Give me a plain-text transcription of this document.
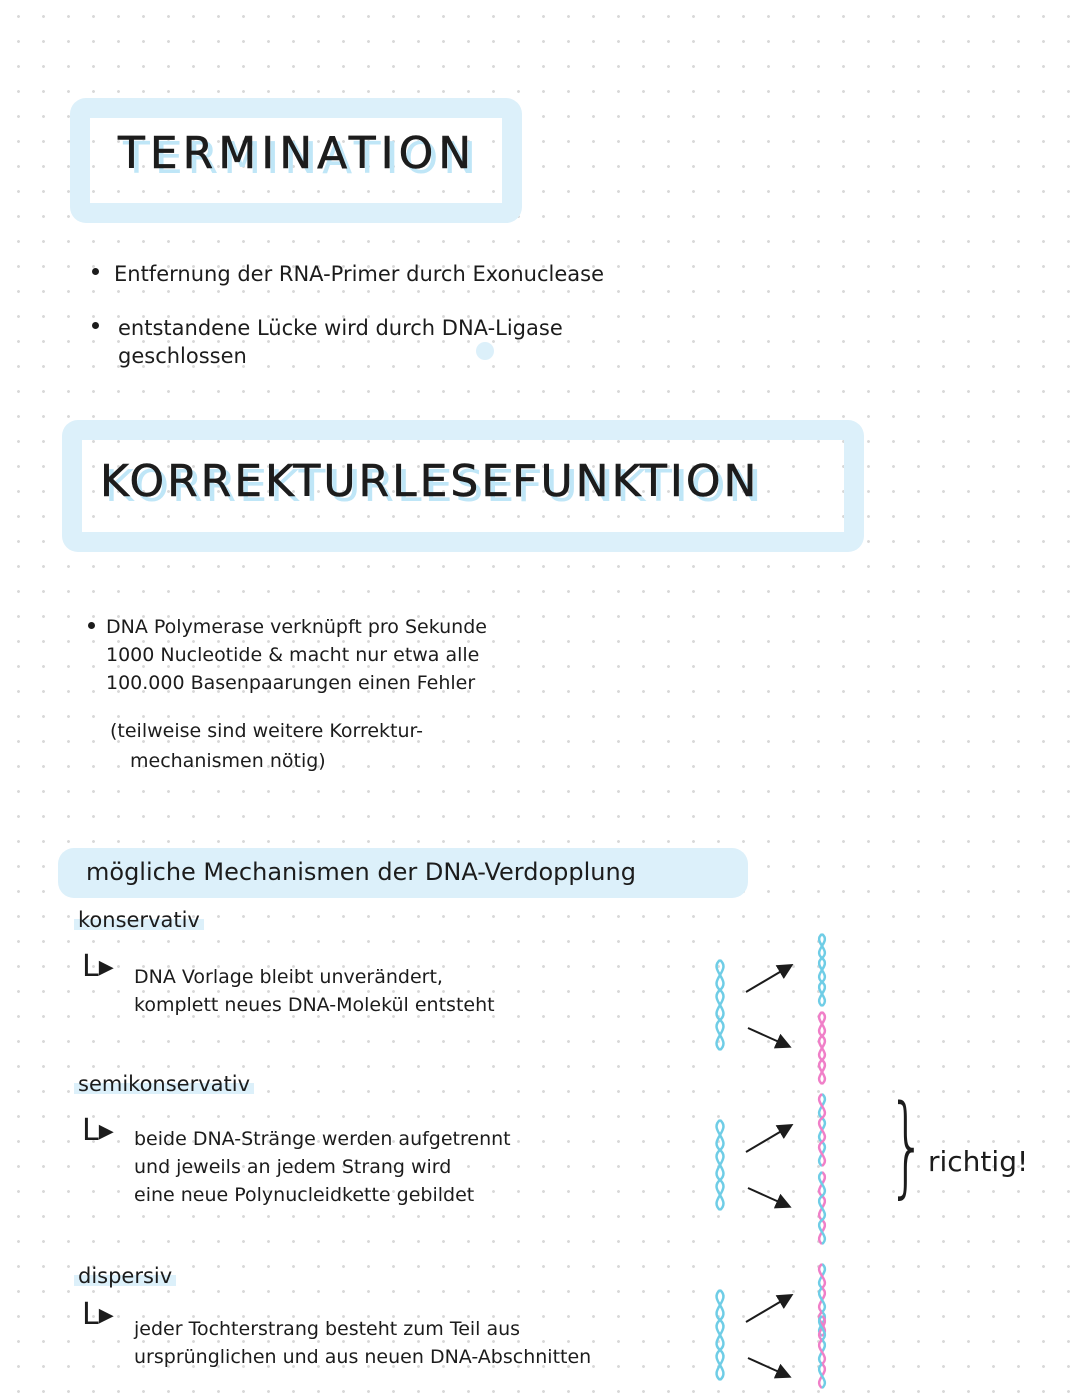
TERMINATION
Entfernung der RNA-Primer durch Exonuclease
entstandene Lücke wird durch DNA-Ligase
geschlossen
KORREKTURLESEFUNKTION
DNA Polymerase verknüpft pro Sekunde
1000 Nucleotide & macht nur etwa alle
100.000 Basenpaarungen einen Fehler
(teilweise sind weitere Korrektur-
mechanismen nötig)
mögliche Mechanismen der DNA-Verdopplung
konservativ
L▸ DNA Vorlage bleibt unverändert,
komplett neues DNA-Molekül entsteht
semikonservativ
L▸ beide DNA-Stränge werden aufgetrennt
und jeweils an jedem Strang wird
eine neue Polynucleidkette gebildet
dispersiv
L▸ jeder Tochterstrang besteht zum Teil aus
ursprünglichen und aus neuen DNA-Abschnitten
} richtig!
